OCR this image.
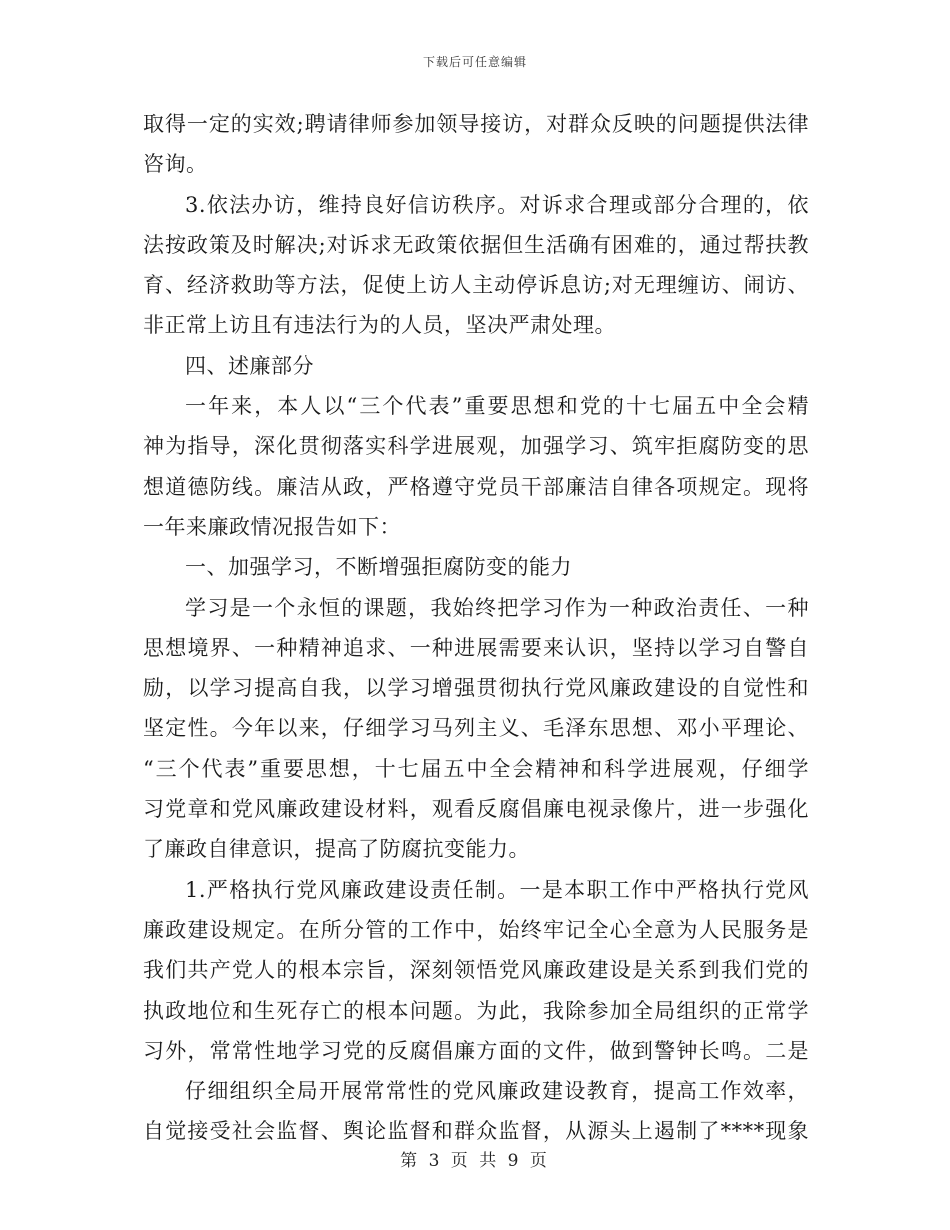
下载后可任意编辑
取得一定的实效;聘请律师参加领导接访，对群众反映的问题提供法律
咨询。
3.依法办访，维持良好信访秩序。对诉求合理或部分合理的，依
法按政策及时解决;对诉求无政策依据但生活确有困难的，通过帮扶教
育、经济救助等方法，促使上访人主动停诉息访;对无理缠访、闹访、
非正常上访且有违法行为的人员，坚决严肃处理。
四、述廉部分
一年来，本人以“三个代表”重要思想和党的十七届五中全会精
神为指导，深化贯彻落实科学进展观，加强学习、筑牢拒腐防变的思
想道德防线。廉洁从政，严格遵守党员干部廉洁自律各项规定。现将
一年来廉政情况报告如下：
一、加强学习，不断增强拒腐防变的能力
学习是一个永恒的课题，我始终把学习作为一种政治责任、一种
思想境界、一种精神追求、一种进展需要来认识，坚持以学习自警自
励，以学习提高自我，以学习增强贯彻执行党风廉政建设的自觉性和
坚定性。今年以来，仔细学习马列主义、毛泽东思想、邓小平理论、
“三个代表”重要思想，十七届五中全会精神和科学进展观，仔细学
习党章和党风廉政建设材料，观看反腐倡廉电视录像片，进一步强化
了廉政自律意识，提高了防腐抗变能力。
1.严格执行党风廉政建设责任制。一是本职工作中严格执行党风
廉政建设规定。在所分管的工作中，始终牢记全心全意为人民服务是
我们共产党人的根本宗旨，深刻领悟党风廉政建设是关系到我们党的
执政地位和生死存亡的根本问题。为此，我除参加全局组织的正常学
习外，常常性地学习党的反腐倡廉方面的文件，做到警钟长鸣。二是
仔细组织全局开展常常性的党风廉政建设教育，提高工作效率，
自觉接受社会监督、舆论监督和群众监督，从源头上遏制了****现象
第 3 页 共 9 页
